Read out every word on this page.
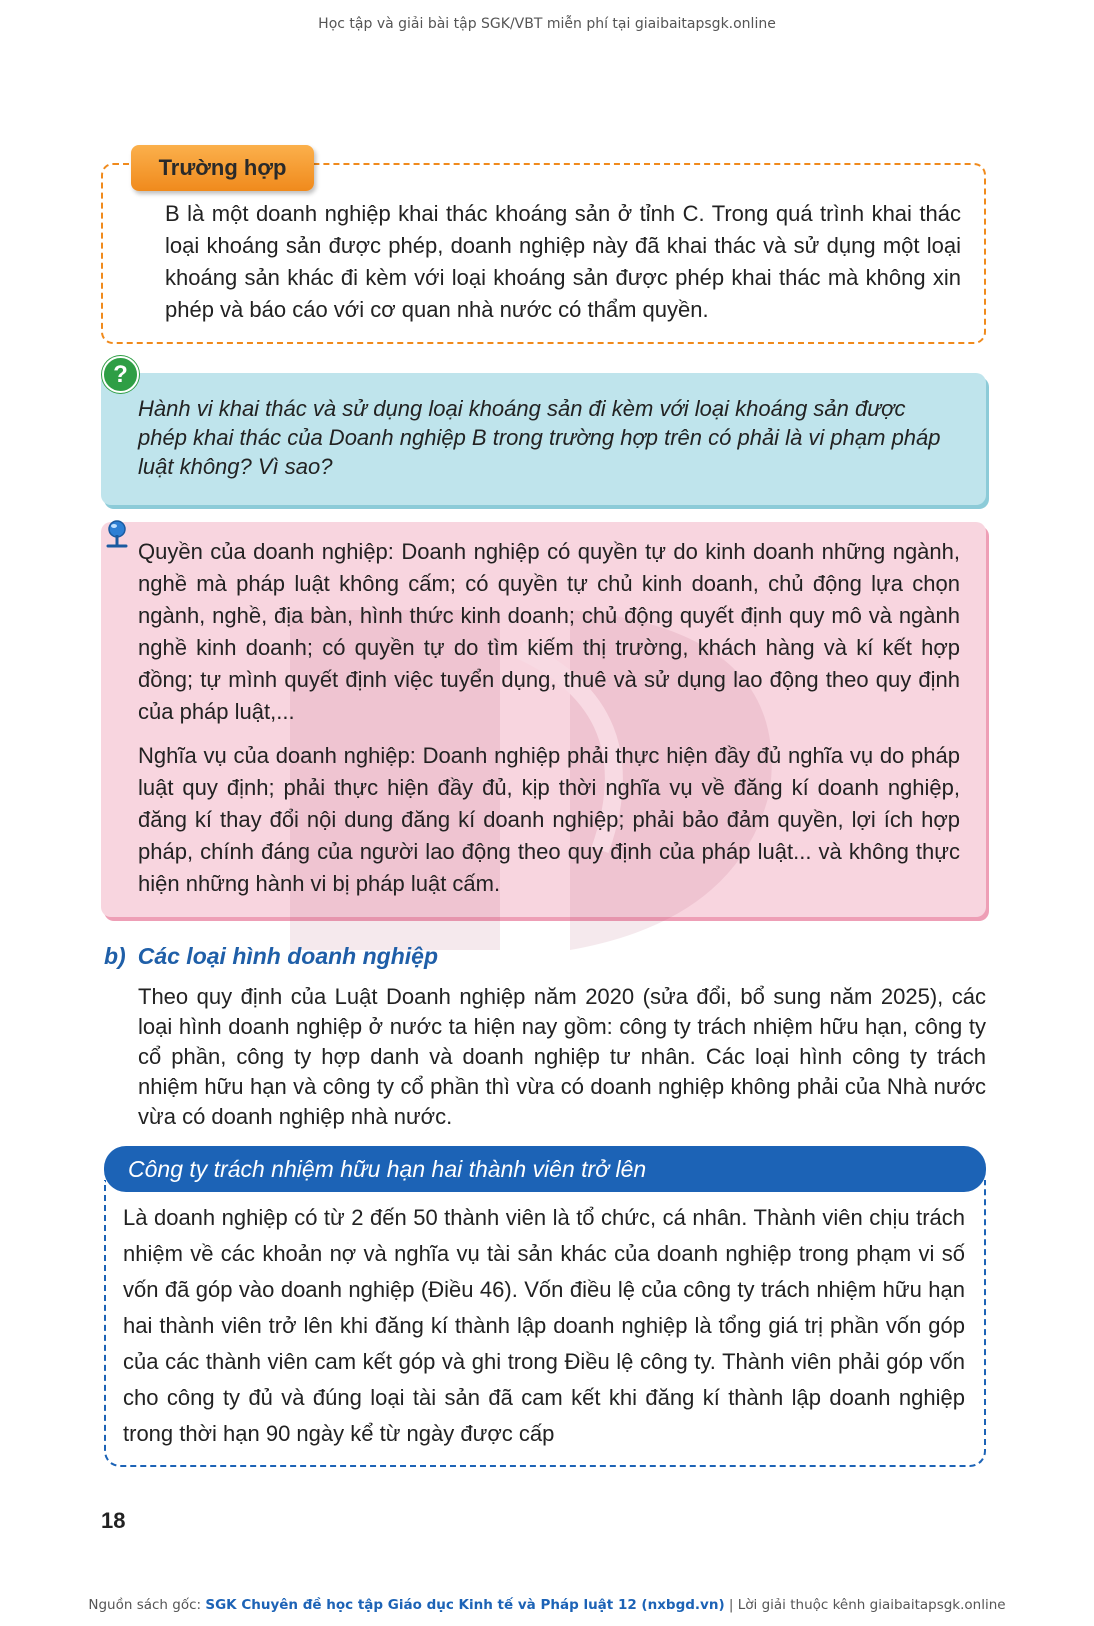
Học tập và giải bài tập SGK/VBT miễn phí tại giaibaitapsgk.online
Trường hợp
B là một doanh nghiệp khai thác khoáng sản ở tỉnh C. Trong quá trình khai thác loại khoáng sản được phép, doanh nghiệp này đã khai thác và sử dụng một loại khoáng sản khác đi kèm với loại khoáng sản được phép khai thác mà không xin phép và báo cáo với cơ quan nhà nước có thẩm quyền.
?
Hành vi khai thác và sử dụng loại khoáng sản đi kèm với loại khoáng sản được phép khai thác của Doanh nghiệp B trong trường hợp trên có phải là vi phạm pháp luật không? Vì sao?
Quyền của doanh nghiệp: Doanh nghiệp có quyền tự do kinh doanh những ngành, nghề mà pháp luật không cấm; có quyền tự chủ kinh doanh, chủ động lựa chọn ngành, nghề, địa bàn, hình thức kinh doanh; chủ động quyết định quy mô và ngành nghề kinh doanh; có quyền tự do tìm kiếm thị trường, khách hàng và kí kết hợp đồng; tự mình quyết định việc tuyển dụng, thuê và sử dụng lao động theo quy định của pháp luật,...
Nghĩa vụ của doanh nghiệp: Doanh nghiệp phải thực hiện đầy đủ nghĩa vụ do pháp luật quy định; phải thực hiện đầy đủ, kịp thời nghĩa vụ về đăng kí doanh nghiệp, đăng kí thay đổi nội dung đăng kí doanh nghiệp; phải bảo đảm quyền, lợi ích hợp pháp, chính đáng của người lao động theo quy định của pháp luật... và không thực hiện những hành vi bị pháp luật cấm.
b) Các loại hình doanh nghiệp
Theo quy định của Luật Doanh nghiệp năm 2020 (sửa đổi, bổ sung năm 2025), các loại hình doanh nghiệp ở nước ta hiện nay gồm: công ty trách nhiệm hữu hạn, công ty cổ phần, công ty hợp danh và doanh nghiệp tư nhân. Các loại hình công ty trách nhiệm hữu hạn và công ty cổ phần thì vừa có doanh nghiệp không phải của Nhà nước vừa có doanh nghiệp nhà nước.
Công ty trách nhiệm hữu hạn hai thành viên trở lên
Là doanh nghiệp có từ 2 đến 50 thành viên là tổ chức, cá nhân. Thành viên chịu trách nhiệm về các khoản nợ và nghĩa vụ tài sản khác của doanh nghiệp trong phạm vi số vốn đã góp vào doanh nghiệp (Điều 46). Vốn điều lệ của công ty trách nhiệm hữu hạn hai thành viên trở lên khi đăng kí thành lập doanh nghiệp là tổng giá trị phần vốn góp của các thành viên cam kết góp và ghi trong Điều lệ công ty. Thành viên phải góp vốn cho công ty đủ và đúng loại tài sản đã cam kết khi đăng kí thành lập doanh nghiệp trong thời hạn 90 ngày kể từ ngày được cấp
18
Nguồn sách gốc: SGK Chuyên đề học tập Giáo dục Kinh tế và Pháp luật 12 (nxbgd.vn) | Lời giải thuộc kênh giaibaitapsgk.online
